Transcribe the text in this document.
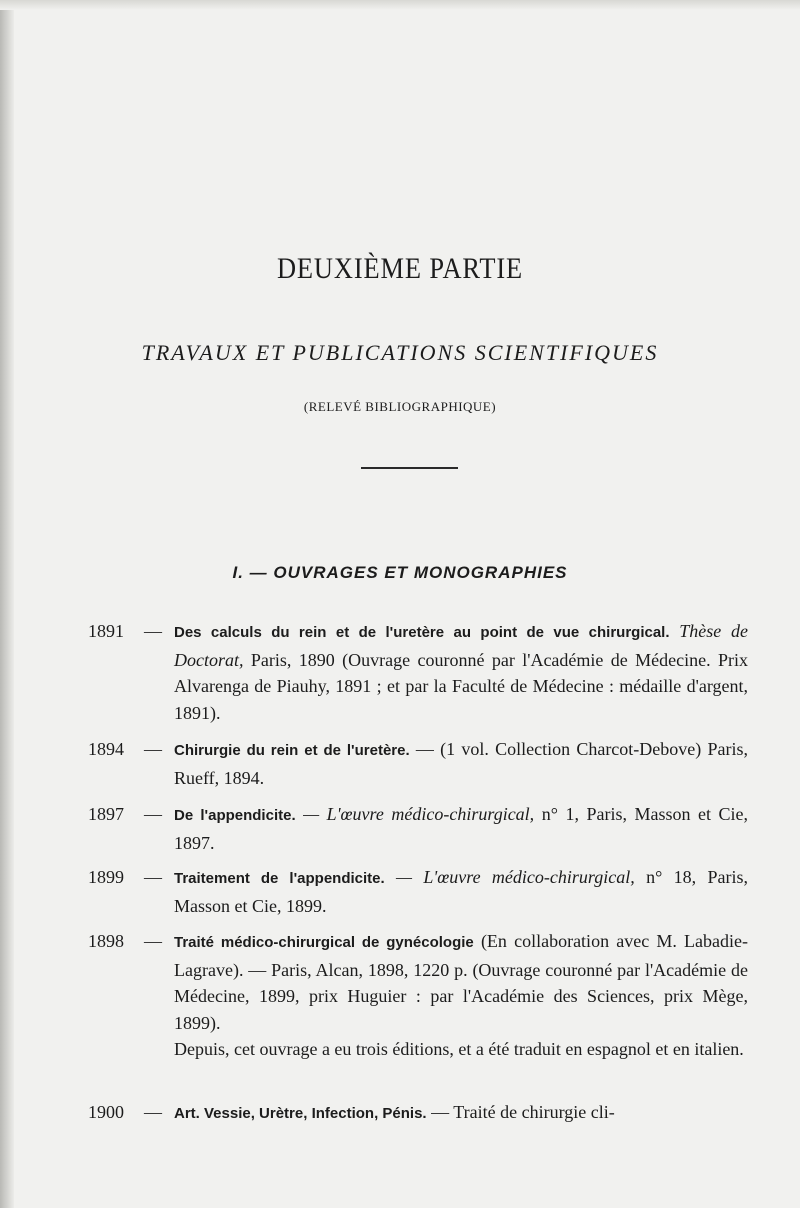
DEUXIÈME PARTIE
TRAVAUX ET PUBLICATIONS SCIENTIFIQUES
(RELEVÉ BIBLIOGRAPHIQUE)
I. — OUVRAGES ET MONOGRAPHIES
1891	— Des calculs du rein et de l'uretère au point de vue chirurgical. Thèse de Doctorat, Paris, 1890 (Ouvrage couronné par l'Académie de Médecine. Prix Alvarenga de Piauhy, 1891 ; et par la Faculté de Médecine : médaille d'argent, 1891).
1894	— Chirurgie du rein et de l'uretère. — (1 vol. Collection Charcot-Debove) Paris, Rueff, 1894.
1897	— De l'appendicite. — L'œuvre médico-chirurgical, n° 1, Paris, Masson et Cie, 1897.
1899	— Traitement de l'appendicite. — L'œuvre médico-chirurgical, n° 18, Paris, Masson et Cie, 1899.
1898	— Traité médico-chirurgical de gynécologie (En collaboration avec M. Labadie-Lagrave). — Paris, Alcan, 1898, 1220 p. (Ouvrage couronné par l'Académie de Médecine, 1899, prix Huguier : par l'Académie des Sciences, prix Mège, 1899).
Depuis, cet ouvrage a eu trois éditions, et a été traduit en espagnol et en italien.
1900	— Art. Vessie, Urètre, Infection, Pénis. — Traité de chirurgie cli-
